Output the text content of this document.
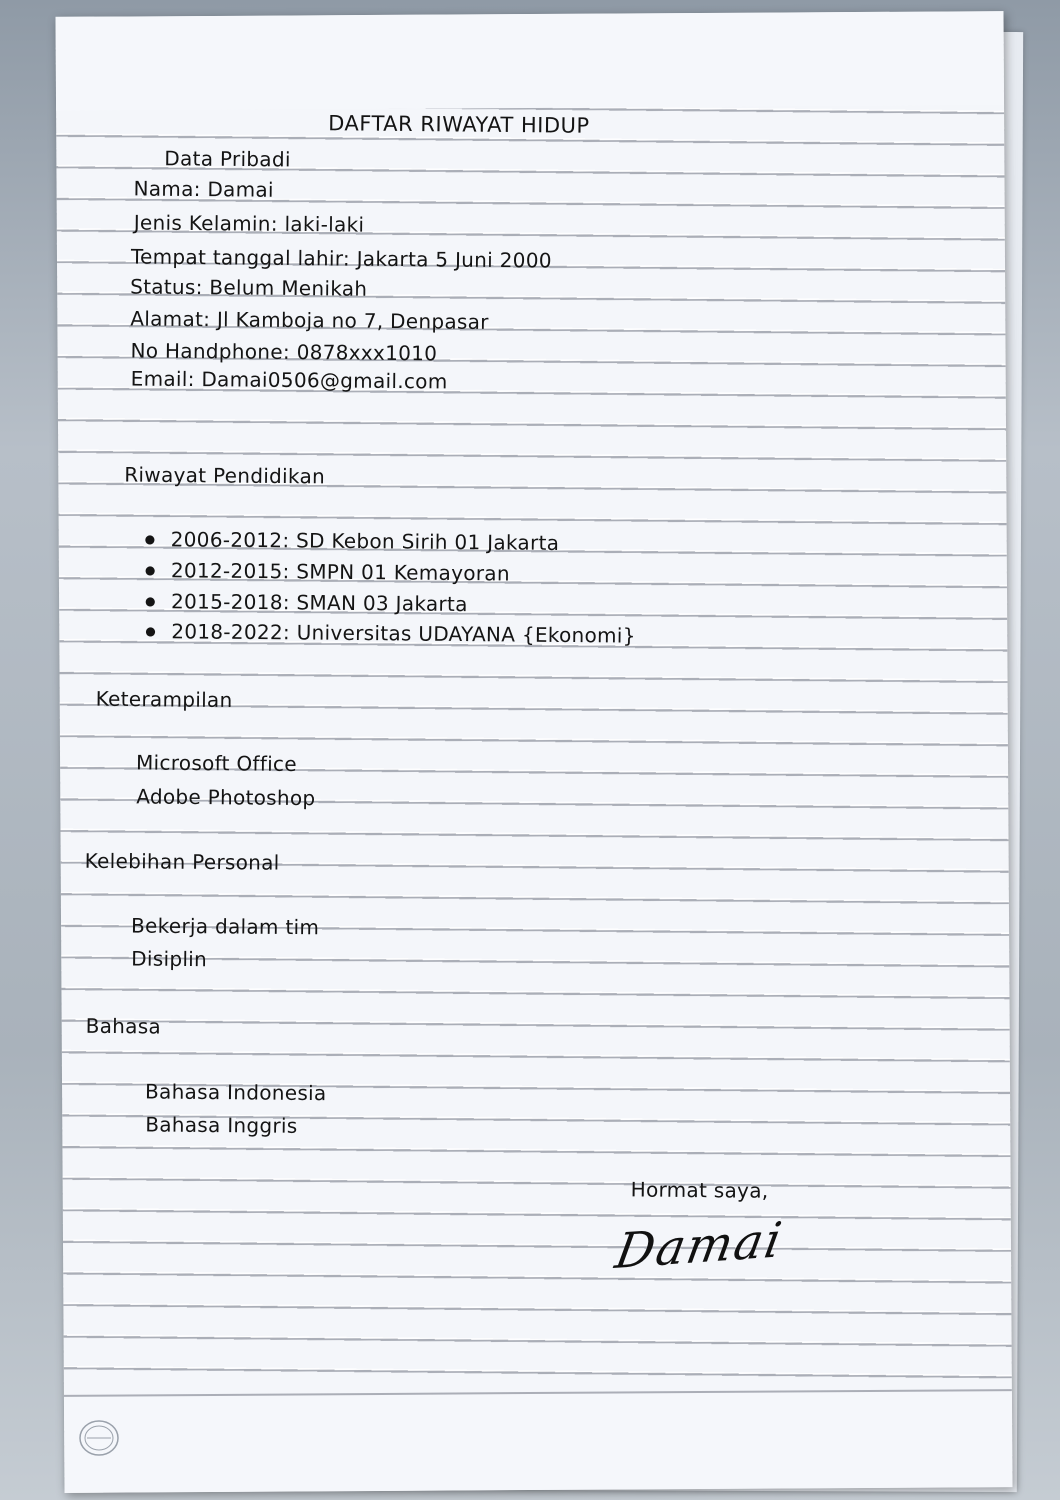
DAFTAR RIWAYAT HIDUP
Data Pribadi
Nama: Damai
Jenis Kelamin: laki-laki
Tempat tanggal lahir: Jakarta 5 Juni 2000
Status: Belum Menikah
Alamat: Jl Kamboja no 7, Denpasar
No Handphone: 0878xxx1010
Email: Damai0506@gmail.com
Riwayat Pendidikan
● 2006-2012: SD Kebon Sirih 01 Jakarta
● 2012-2015: SMPN 01 Kemayoran
● 2015-2018: SMAN 03 Jakarta
● 2018-2022: Universitas UDAYANA {Ekonomi}
Keterampilan
Microsoft Office
Adobe Photoshop
Kelebihan Personal
Bekerja dalam tim
Disiplin
Bahasa
Bahasa Indonesia
Bahasa Inggris
Hormat saya,
Damai
